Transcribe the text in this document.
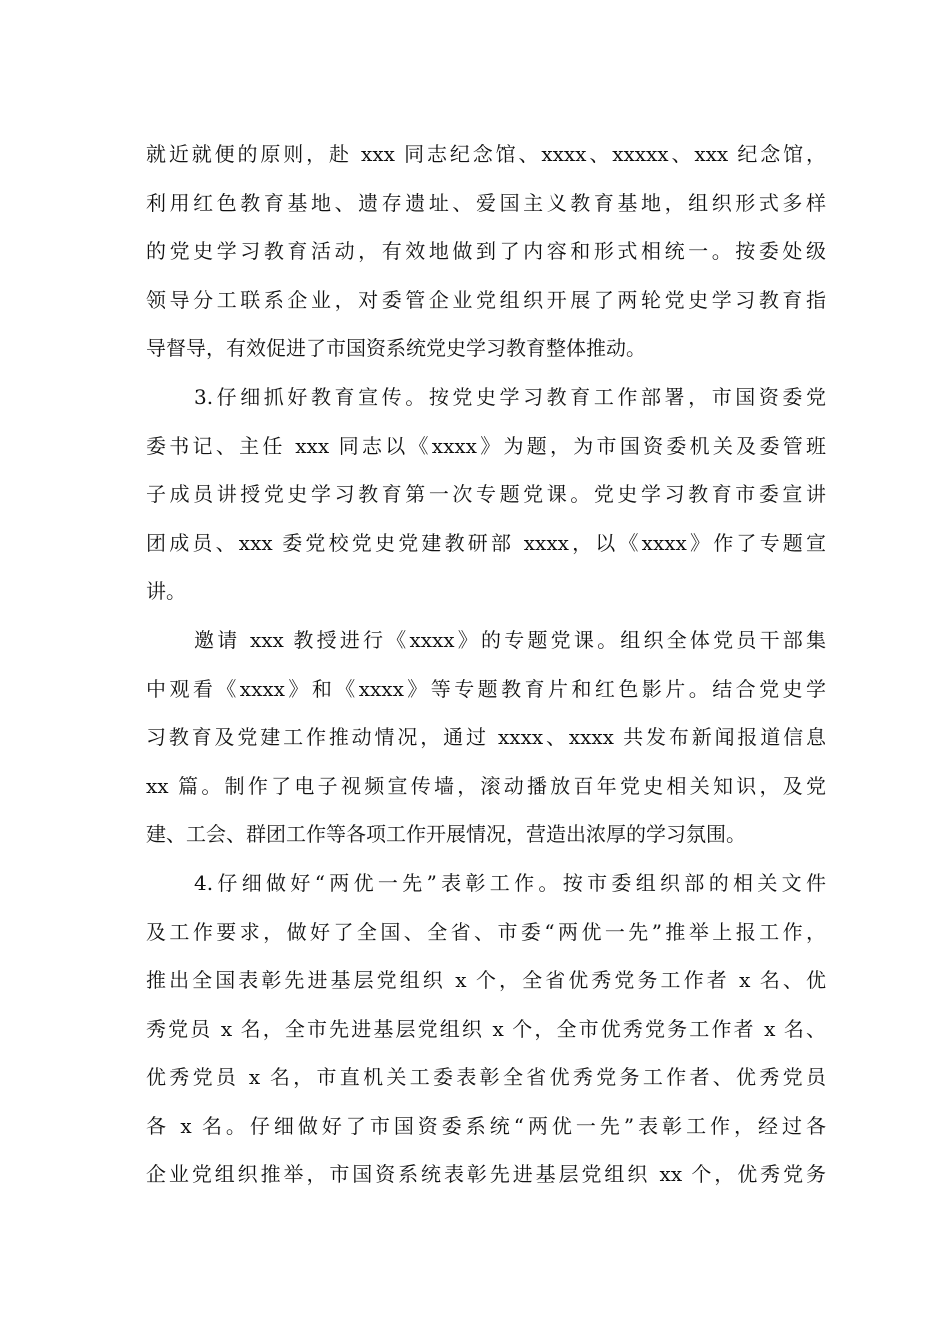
就近就便的原则，赴 xxx 同志纪念馆、xxxx、xxxxx、xxx 纪念馆，
利用红色教育基地、遗存遗址、爱国主义教育基地，组织形式多样
的党史学习教育活动，有效地做到了内容和形式相统一。按委处级
领导分工联系企业，对委管企业党组织开展了两轮党史学习教育指
导督导，有效促进了市国资系统党史学习教育整体推动。
3.仔细抓好教育宣传。按党史学习教育工作部署，市国资委党
委书记、主任 xxx 同志以《xxxx》为题，为市国资委机关及委管班
子成员讲授党史学习教育第一次专题党课。党史学习教育市委宣讲
团成员、xxx 委党校党史党建教研部 xxxx，以《xxxx》作了专题宣
讲。
邀请 xxx 教授进行《xxxx》的专题党课。组织全体党员干部集
中观看《xxxx》和《xxxx》等专题教育片和红色影片。结合党史学
习教育及党建工作推动情况，通过 xxxx、xxxx 共发布新闻报道信息
xx 篇。制作了电子视频宣传墙，滚动播放百年党史相关知识，及党
建、工会、群团工作等各项工作开展情况，营造出浓厚的学习氛围。
4.仔细做好“两优一先”表彰工作。按市委组织部的相关文件
及工作要求，做好了全国、全省、市委“两优一先”推举上报工作，
推出全国表彰先进基层党组织 x 个，全省优秀党务工作者 x 名、优
秀党员 x 名，全市先进基层党组织 x 个，全市优秀党务工作者 x 名、
优秀党员 x 名，市直机关工委表彰全省优秀党务工作者、优秀党员
各 x 名。仔细做好了市国资委系统“两优一先”表彰工作，经过各
企业党组织推举，市国资系统表彰先进基层党组织 xx 个，优秀党务
